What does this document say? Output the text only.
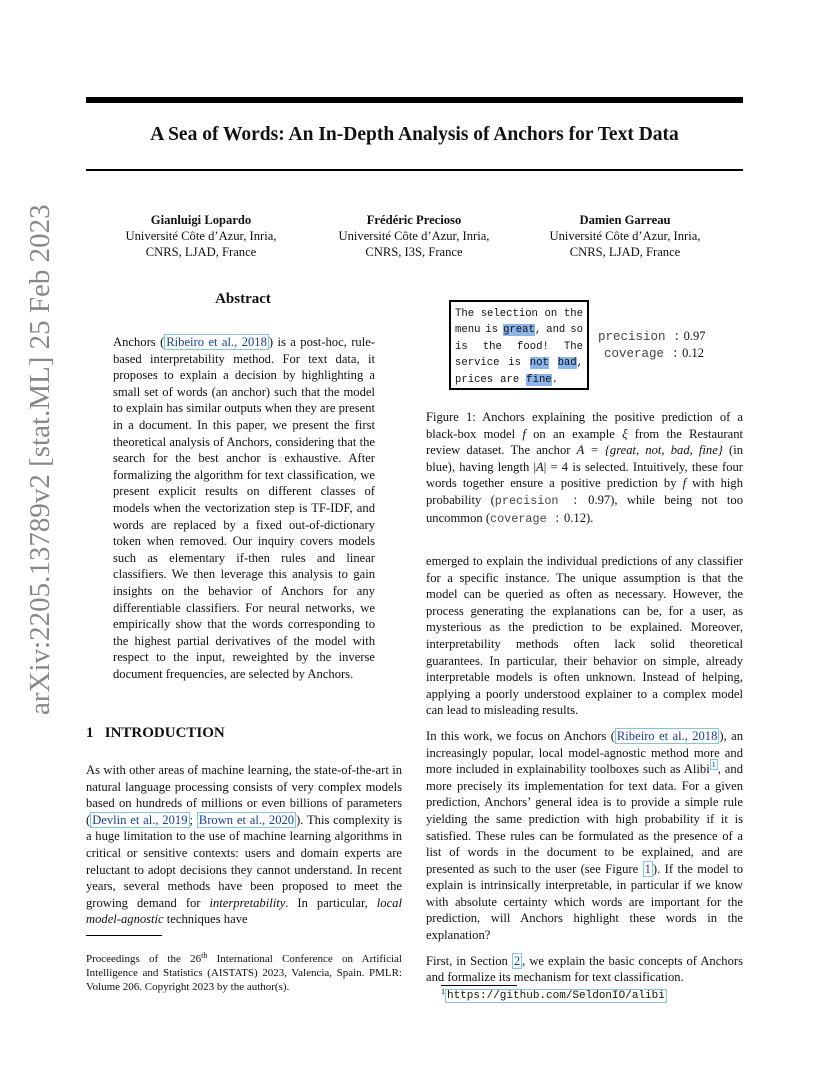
arXiv:2205.13789v2 [stat.ML] 25 Feb 2023
A Sea of Words: An In-Depth Analysis of Anchors for Text Data
Gianluigi Lopardo
Université Côte d’Azur, Inria,
CNRS, LJAD, France
Frédéric Precioso
Université Côte d’Azur, Inria,
CNRS, I3S, France
Damien Garreau
Université Côte d’Azur, Inria,
CNRS, LJAD, France
Abstract

Anchors ( Ribeiro et al., 2018 ) is a post-hoc, rule-based interpretability method. For text data, it proposes to explain a decision by highlighting a small set of words (an anchor) such that the model to explain has similar outputs when they are present in a document. In this paper, we present the first theoretical analysis of Anchors, considering that the search for the best anchor is exhaustive. After formalizing the algorithm for text classification, we present explicit results on different classes of models when the vectorization step is TF-IDF, and words are replaced by a fixed out-of-dictionary token when removed. Our inquiry covers models such as elementary if-then rules and linear classifiers. We then leverage this analysis to gain insights on the behavior of Anchors for any differentiable classifiers. For neural networks, we empirically show that the words corresponding to the highest partial derivatives of the model with respect to the input, reweighted by the inverse document frequencies, are selected by Anchors.

1 INTRODUCTION

As with other areas of machine learning, the state-of-the-art in natural language processing consists of very complex models based on hundreds of millions or even billions of parameters ( Devlin et al., 2019 ; Brown et al., 2020 ). This complexity is a huge limitation to the use of machine learning algorithms in critical or sensitive contexts: users and domain experts are reluctant to adopt decisions they cannot understand. In recent years, several methods have been proposed to meet the growing demand for interpretability. In particular, local model-agnostic techniques have

Proceedings of the 26th International Conference on Artificial Intelligence and Statistics (AISTATS) 2023, Valencia, Spain. PMLR: Volume 206. Copyright 2023 by the author(s).
The selection on the
menu is great, and so
is the food! The
service is not bad,
prices are fine.
precision : 0.97
coverage : 0.12

Figure 1: Anchors explaining the positive prediction of a black-box model f on an example ξ from the Restaurant review dataset. The anchor A = {great, not, bad, fine} (in blue), having length |A| = 4 is selected. Intuitively, these four words together ensure a positive prediction by f with high probability (precision : 0.97), while being not too uncommon (coverage : 0.12).

emerged to explain the individual predictions of any classifier for a specific instance. The unique assumption is that the model can be queried as often as necessary. However, the process generating the explanations can be, for a user, as mysterious as the prediction to be explained. Moreover, interpretability methods often lack solid theoretical guarantees. In particular, their behavior on simple, already interpretable models is often unknown. Instead of helping, applying a poorly understood explainer to a complex model can lead to misleading results.

In this work, we focus on Anchors ( Ribeiro et al., 2018 ), an increasingly popular, local model-agnostic method more and more included in explainability toolboxes such as Alibi $^1$ , and more precisely its implementation for text data. For a given prediction, Anchors’ general idea is to provide a simple rule yielding the same prediction with high probability if it is satisfied. These rules can be formulated as the presence of a list of words in the document to be explained, and are presented as such to the user (see Figure 1 ). If the model to explain is intrinsically interpretable, in particular if we know with absolute certainty which words are important for the prediction, will Anchors highlight these words in the explanation?

First, in Section 2 , we explain the basic concepts of Anchors and formalize its mechanism for text classification.

$^1$ https://github.com/SeldonIO/alibi
